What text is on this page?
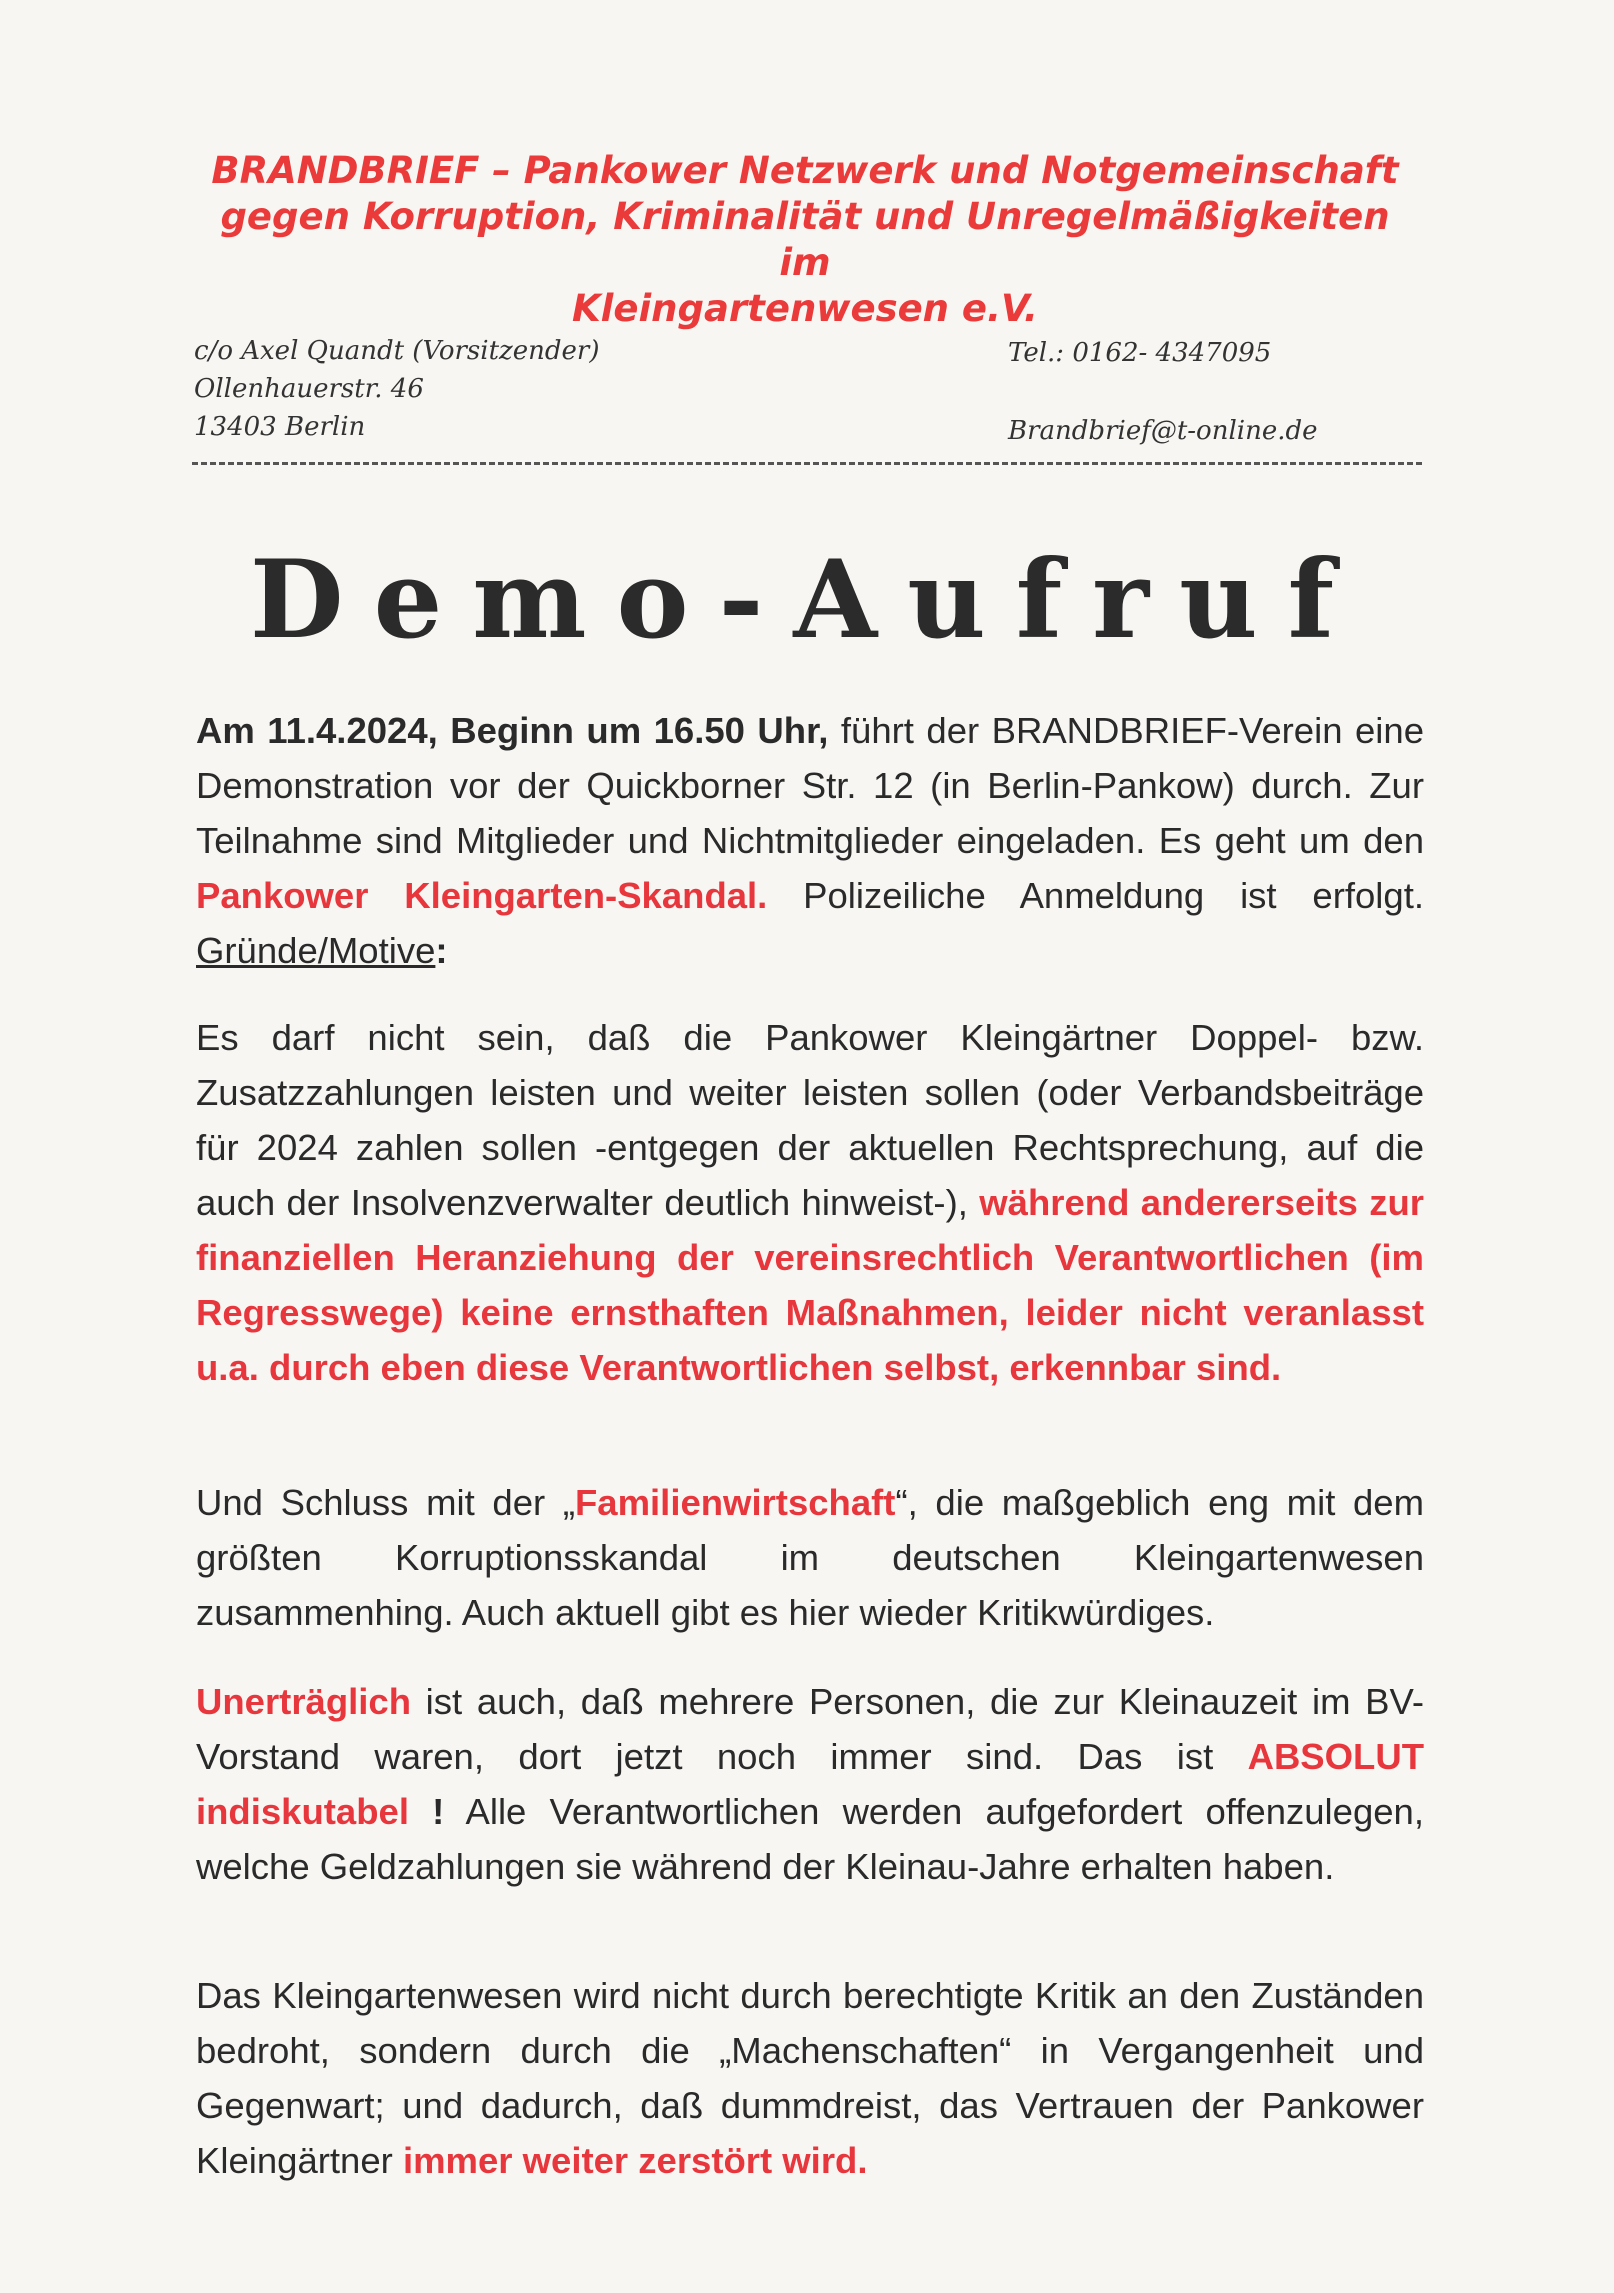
BRANDBRIEF – Pankower Netzwerk und Notgemeinschaft
gegen Korruption, Kriminalität und Unregelmäßigkeiten im
Kleingartenwesen e.V.
c/o Axel Quandt (Vorsitzender)
Ollenhauerstr. 46
13403 Berlin
Tel.: 0162- 4347095
Brandbrief@t-online.de
Demo-Aufruf

Am 11.4.2024, Beginn um 16.50 Uhr, führt der BRANDBRIEF-Verein eine Demonstration vor der Quickborner Str. 12 (in Berlin-Pankow) durch. Zur Teilnahme sind Mitglieder und Nichtmitglieder eingeladen. Es geht um den Pankower Kleingarten-Skandal. Polizeiliche Anmeldung ist erfolgt. Gründe/Motive:

Es darf nicht sein, daß die Pankower Kleingärtner Doppel- bzw. Zusatzzahlungen leisten und weiter leisten sollen (oder Verbandsbeiträge für 2024 zahlen sollen -entgegen der aktuellen Rechtsprechung, auf die auch der Insolvenzverwalter deutlich hinweist-), während andererseits zur finanziellen Heranziehung der vereinsrechtlich Verantwortlichen (im Regresswege) keine ernsthaften Maßnahmen, leider nicht veranlasst u.a. durch eben diese Verantwortlichen selbst, erkennbar sind.

Und Schluss mit der „Familienwirtschaft“, die maßgeblich eng mit dem größten Korruptionsskandal im deutschen Kleingartenwesen zusammenhing. Auch aktuell gibt es hier wieder Kritikwürdiges.

Unerträglich ist auch, daß mehrere Personen, die zur Kleinauzeit im BV-Vorstand waren, dort jetzt noch immer sind. Das ist ABSOLUT indiskutabel ! Alle Verantwortlichen werden aufgefordert offenzulegen, welche Geldzahlungen sie während der Kleinau-Jahre erhalten haben.

Das Kleingartenwesen wird nicht durch berechtigte Kritik an den Zuständen bedroht, sondern durch die „Machenschaften“ in Vergangenheit und Gegenwart; und dadurch, daß dummdreist, das Vertrauen der Pankower Kleingärtner immer weiter zerstört wird.
